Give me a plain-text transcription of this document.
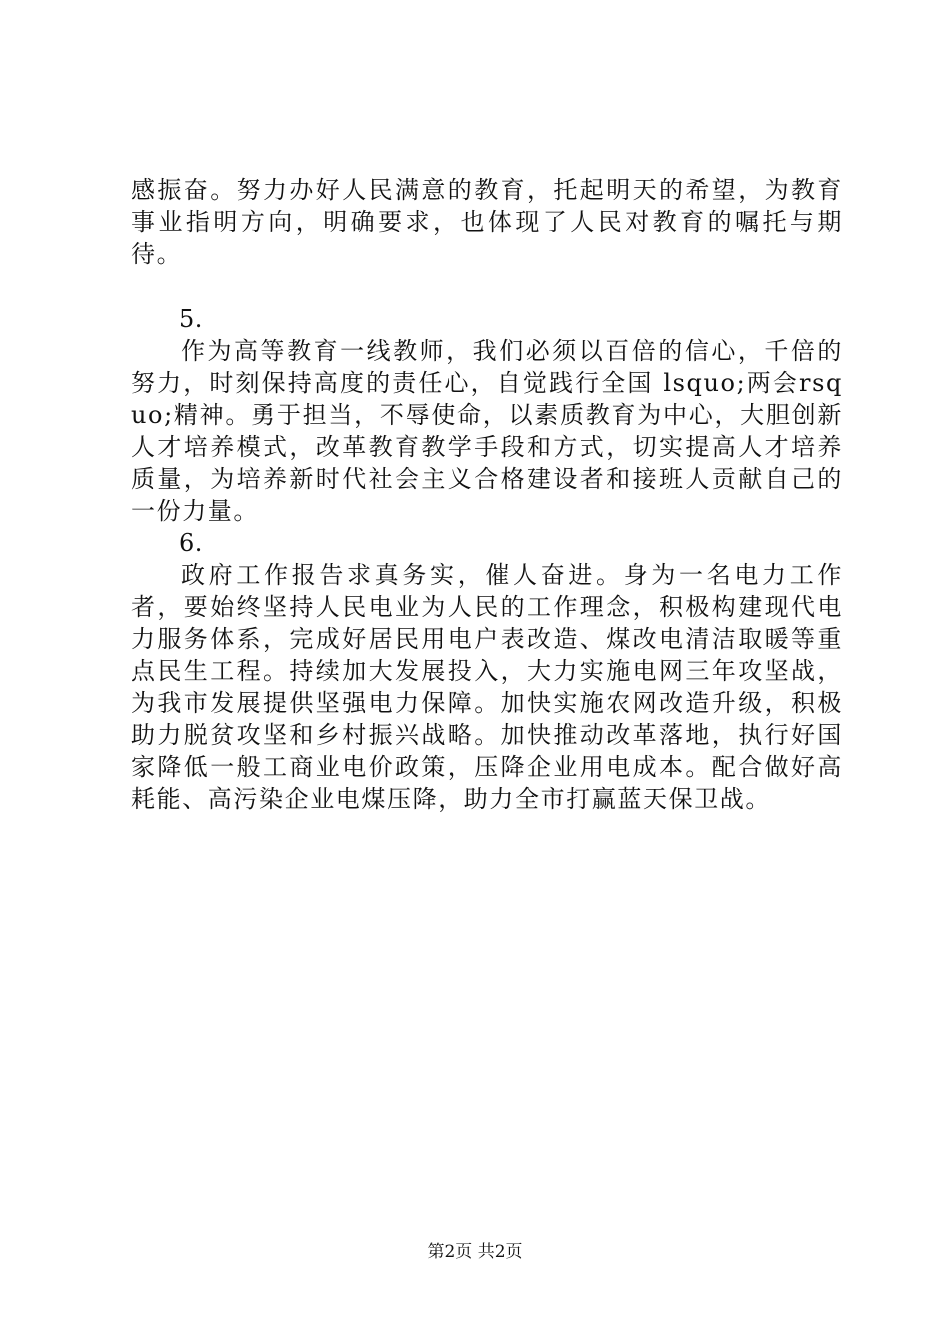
感振奋。努力办好人民满意的教育，托起明天的希望，为教育事业指明方向，明确要求，也体现了人民对教育的嘱托与期待。

5.

作为高等教育一线教师，我们必须以百倍的信心，千倍的努力，时刻保持高度的责任心，自觉践行全国 lsquo;两会rsquo;精神。勇于担当，不辱使命，以素质教育为中心，大胆创新人才培养模式，改革教育教学手段和方式，切实提高人才培养质量，为培养新时代社会主义合格建设者和接班人贡献自己的一份力量。

6.

政府工作报告求真务实，催人奋进。身为一名电力工作者，要始终坚持人民电业为人民的工作理念，积极构建现代电力服务体系，完成好居民用电户表改造、煤改电清洁取暖等重点民生工程。持续加大发展投入，大力实施电网三年攻坚战，为我市发展提供坚强电力保障。加快实施农网改造升级，积极助力脱贫攻坚和乡村振兴战略。加快推动改革落地，执行好国家降低一般工商业电价政策，压降企业用电成本。配合做好高耗能、高污染企业电煤压降，助力全市打赢蓝天保卫战。

第2页 共2页
